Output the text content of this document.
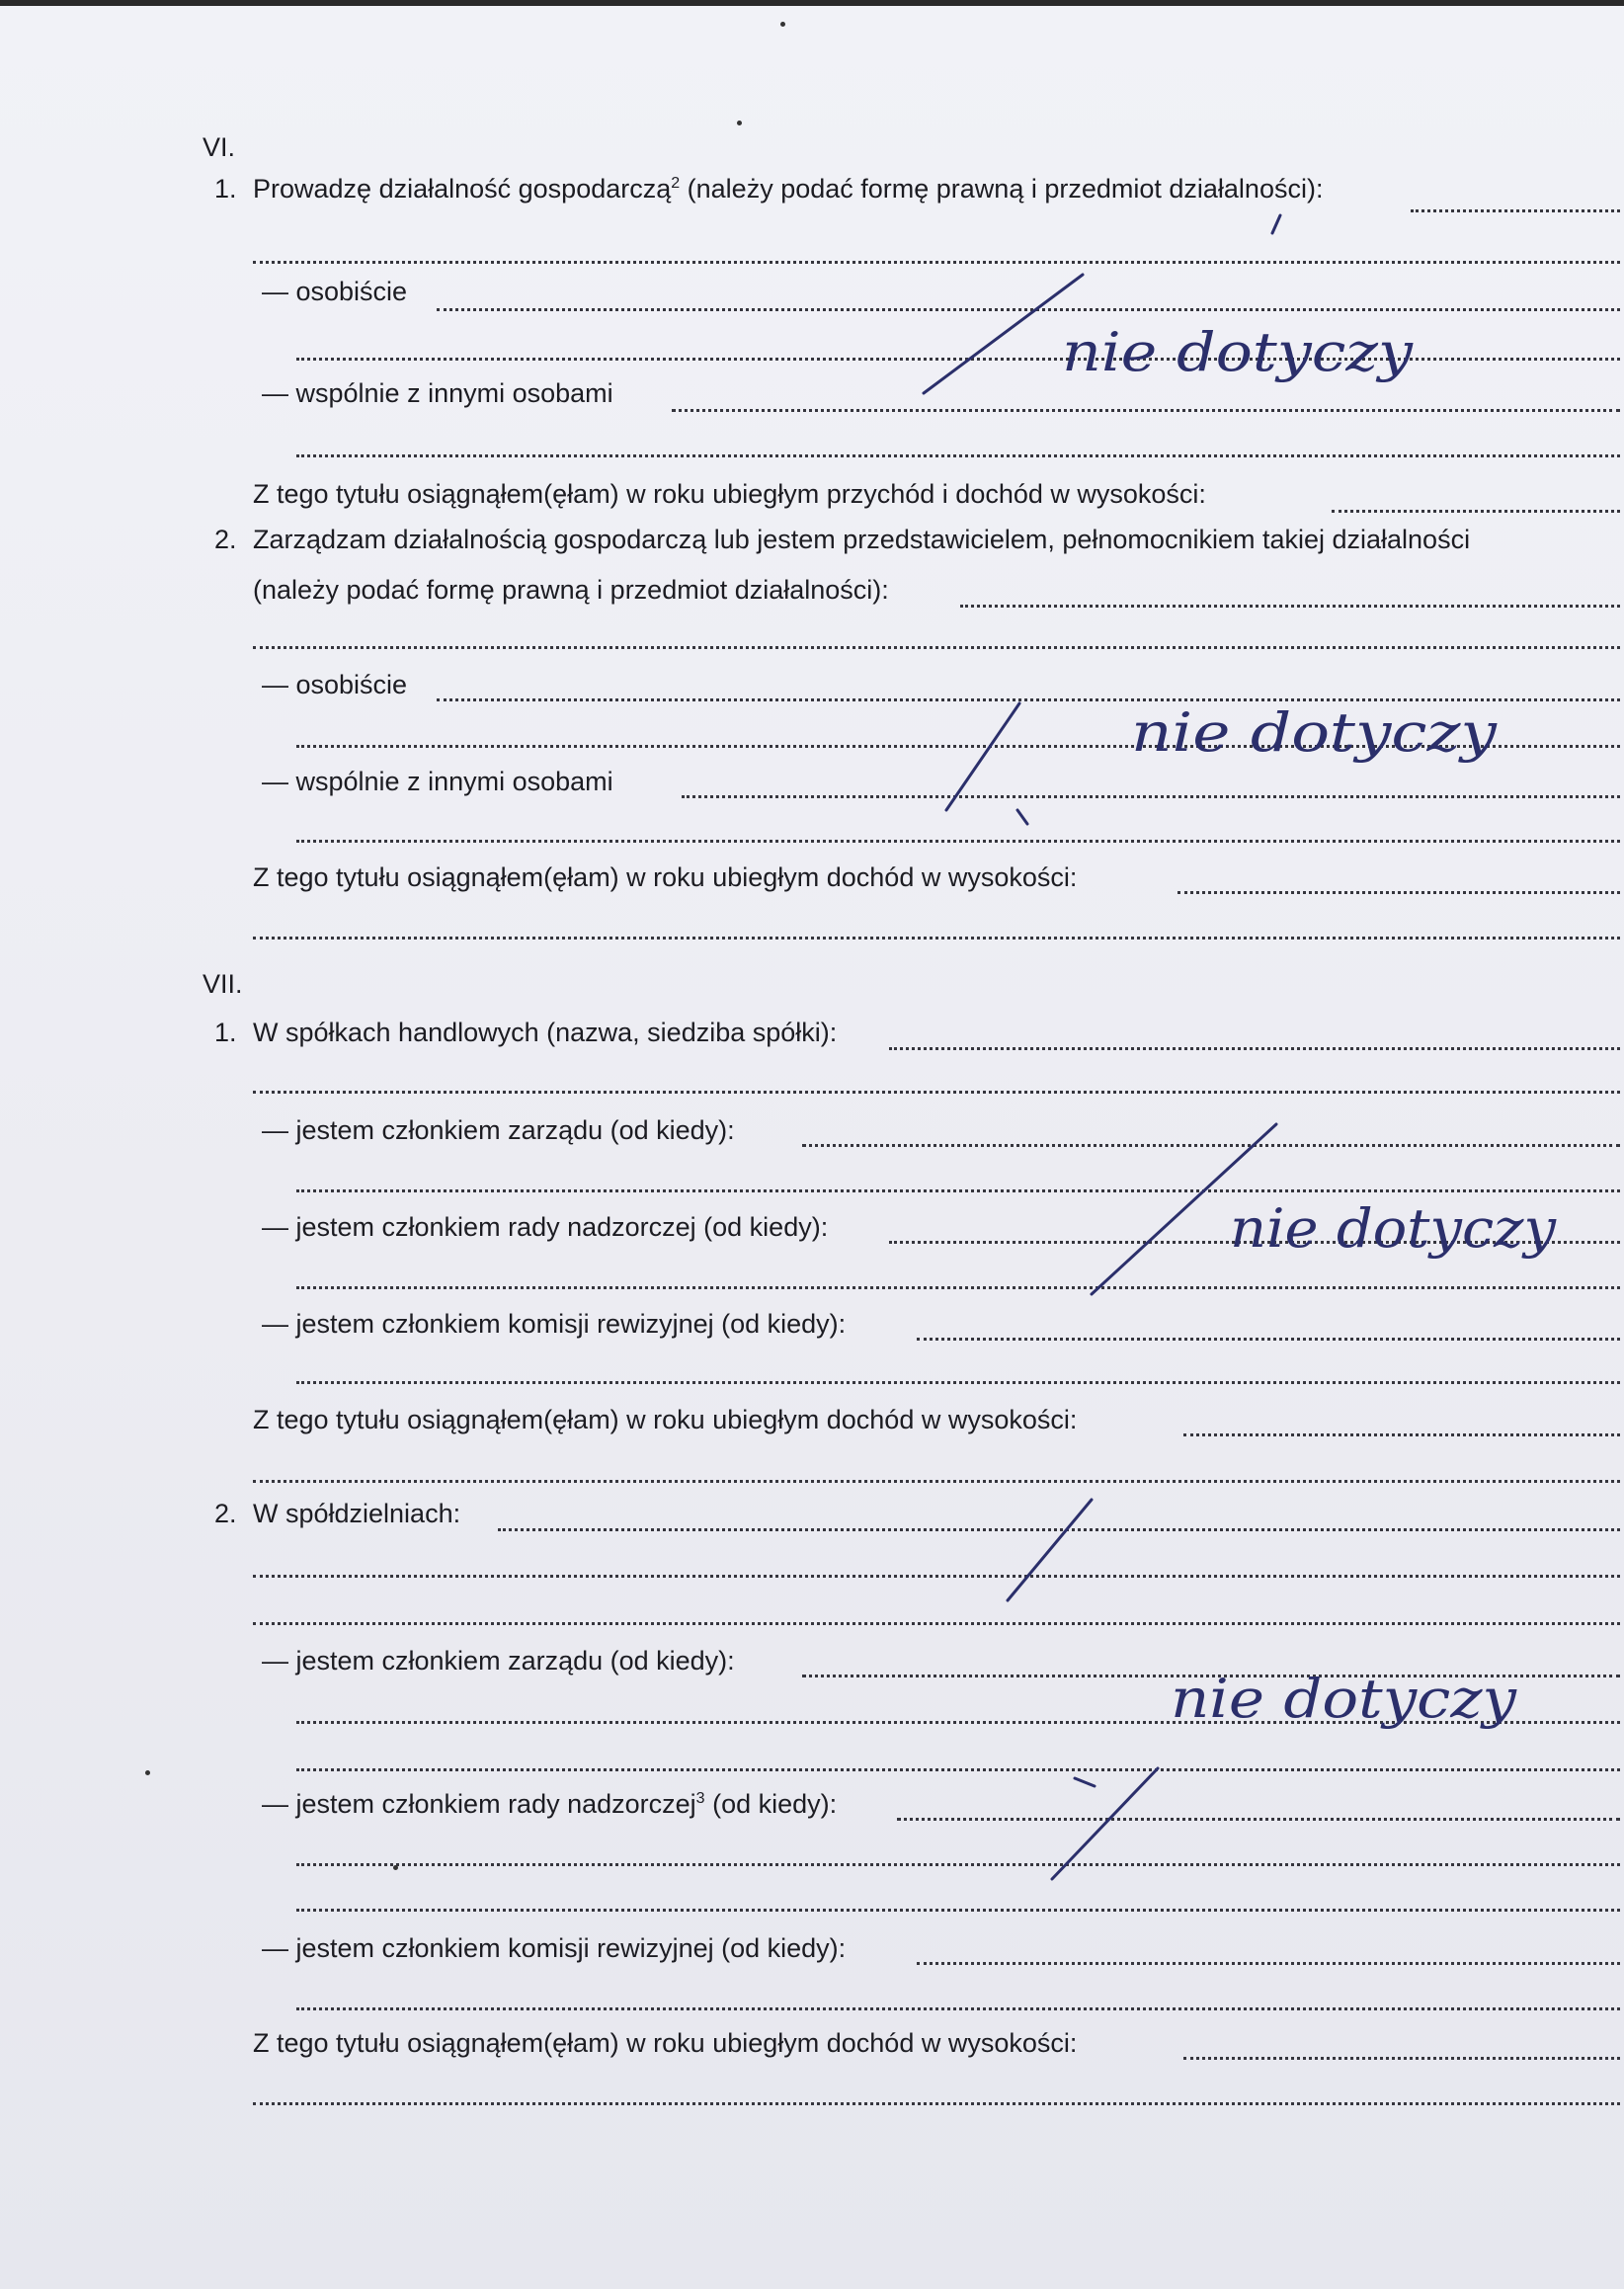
VI.
1. Prowadzę działalność gospodarczą$^2$ (należy podać formę prawną i przedmiot działalności):
— osobiście
— wspólnie z innymi osobami
Z tego tytułu osiągnąłem(ęłam) w roku ubiegłym przychód i dochód w wysokości:
2. Zarządzam działalnością gospodarczą lub jestem przedstawicielem, pełnomocnikiem takiej działalności
(należy podać formę prawną i przedmiot działalności):
— osobiście
— wspólnie z innymi osobami
Z tego tytułu osiągnąłem(ęłam) w roku ubiegłym dochód w wysokości:
VII.
1. W spółkach handlowych (nazwa, siedziba spółki):
— jestem członkiem zarządu (od kiedy):
— jestem członkiem rady nadzorczej (od kiedy):
— jestem członkiem komisji rewizyjnej (od kiedy):
Z tego tytułu osiągnąłem(ęłam) w roku ubiegłym dochód w wysokości:
2. W spółdzielniach:
— jestem członkiem zarządu (od kiedy):
— jestem członkiem rady nadzorczej$^3$ (od kiedy):
— jestem członkiem komisji rewizyjnej (od kiedy):
Z tego tytułu osiągnąłem(ęłam) w roku ubiegłym dochód w wysokości:
nie dotyczy
nie dotyczy
nie dotyczy
nie dotyczy
